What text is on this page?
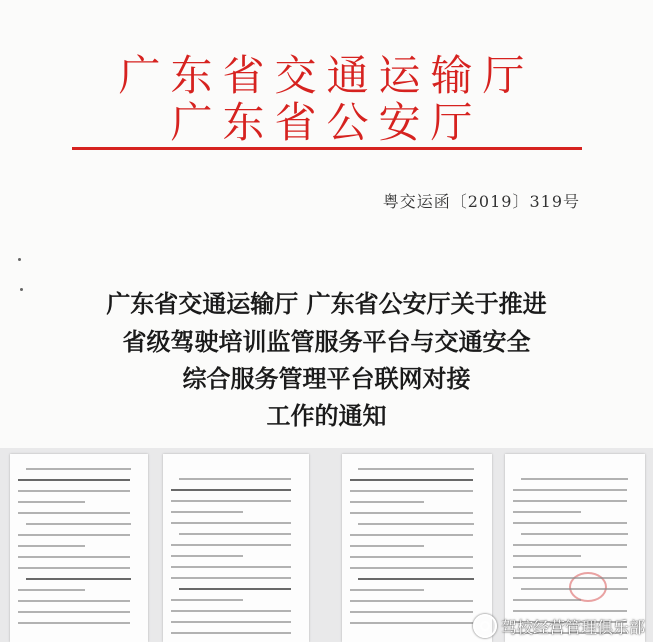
广东省交通运输厅
广东省公安厅
粤交运函〔2019〕319号
广东省交通运输厅 广东省公安厅关于推进
省级驾驶培训监管服务平台与交通安全
综合服务管理平台联网对接
工作的通知
驾校经营管理俱乐部
